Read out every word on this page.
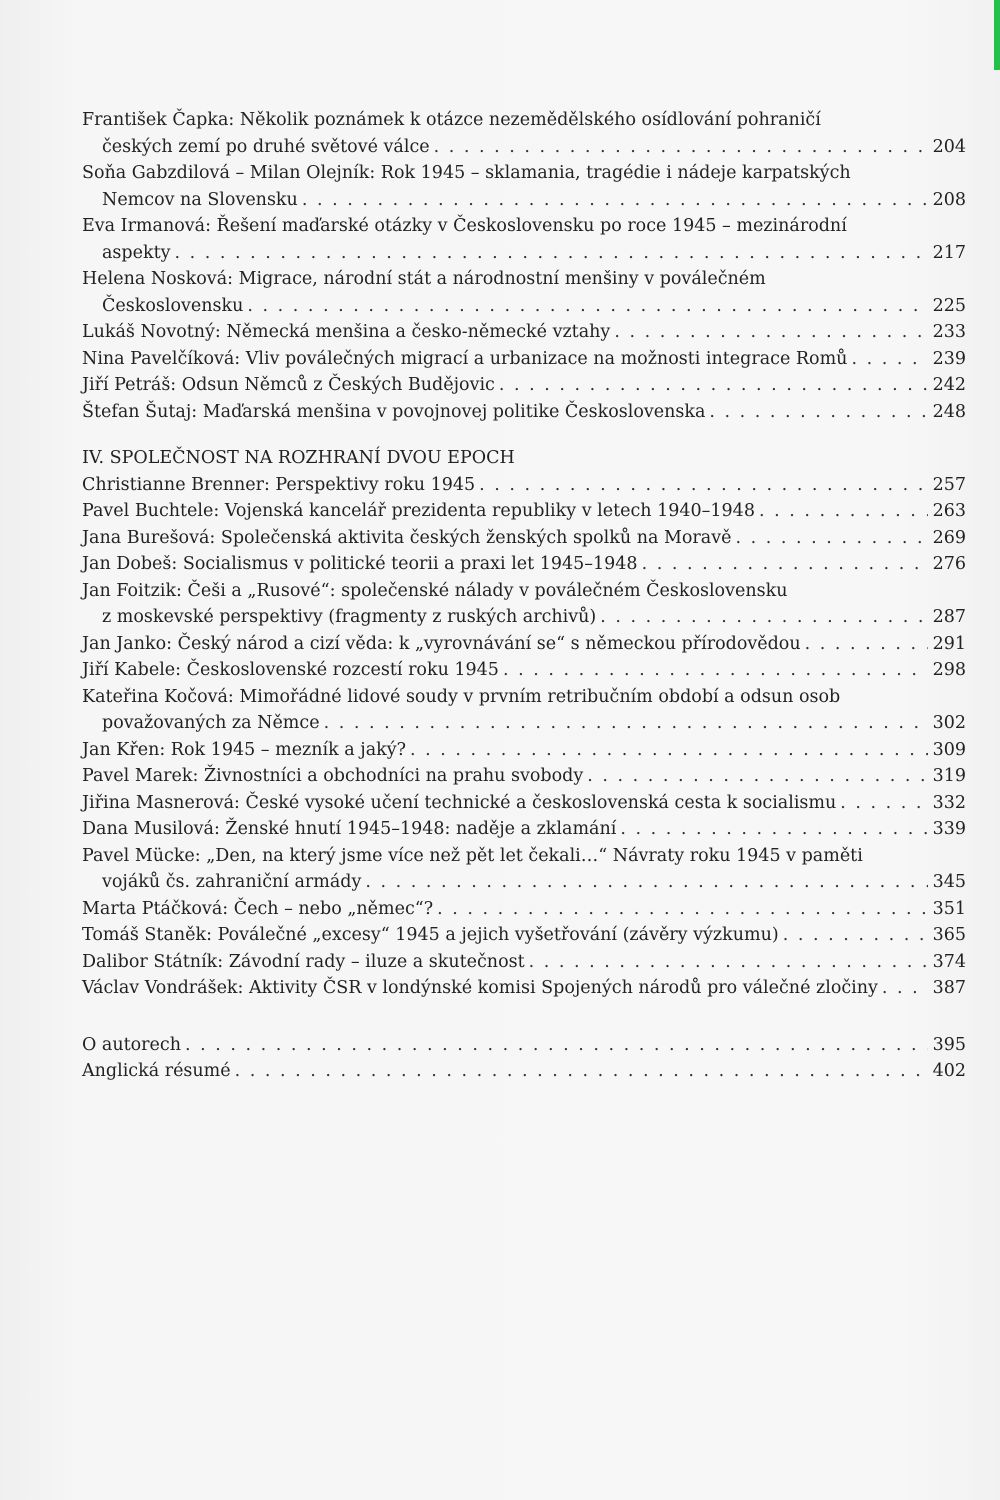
František Čapka: Několik poznámek k otázce nezemědělského osídlování pohraničí
českých zemí po druhé světové válce . . .	204
Soňa Gabzdilová – Milan Olejník: Rok 1945 – sklamania, tragédie i nádeje karpatských
Nemcov na Slovensku . . .	208
Eva Irmanová: Řešení maďarské otázky v Československu po roce 1945 – mezinárodní
aspekty . . .	217
Helena Nosková: Migrace, národní stát a národnostní menšiny v poválečném
Československu . . .	225
Lukáš Novotný: Německá menšina a česko-německé vztahy . . .	233
Nina Pavelčíková: Vliv poválečných migrací a urbanizace na možnosti integrace Romů . . .	239
Jiří Petráš: Odsun Němců z Českých Budějovic . . .	242
Štefan Šutaj: Maďarská menšina v povojnovej politike Československa . . .	248
IV. SPOLEČNOST NA ROZHRANÍ DVOU EPOCH
Christianne Brenner: Perspektivy roku 1945 . . .	257
Pavel Buchtele: Vojenská kancelář prezidenta republiky v letech 1940–1948 . . .	263
Jana Burešová: Společenská aktivita českých ženských spolků na Moravě . . .	269
Jan Dobeš: Socialismus v politické teorii a praxi let 1945–1948 . . .	276
Jan Foitzik: Češi a „Rusové“: společenské nálady v poválečném Československu
z moskevské perspektivy (fragmenty z ruských archivů) . . .	287
Jan Janko: Český národ a cizí věda: k „vyrovnávání se“ s německou přírodovědou . . .	291
Jiří Kabele: Československé rozcestí roku 1945 . . .	298
Kateřina Kočová: Mimořádné lidové soudy v prvním retribučním období a odsun osob
považovaných za Němce . . .	302
Jan Křen: Rok 1945 – mezník a jaký? . . .	309
Pavel Marek: Živnostníci a obchodníci na prahu svobody . . .	319
Jiřina Masnerová: České vysoké učení technické a československá cesta k socialismu . . .	332
Dana Musilová: Ženské hnutí 1945–1948: naděje a zklamání . . .	339
Pavel Mücke: „Den, na který jsme více než pět let čekali…“ Návraty roku 1945 v paměti
vojáků čs. zahraniční armády . . .	345
Marta Ptáčková: Čech – nebo „němec“? . . .	351
Tomáš Staněk: Poválečné „excesy“ 1945 a jejich vyšetřování (závěry výzkumu) . . .	365
Dalibor Státník: Závodní rady – iluze a skutečnost . . .	374
Václav Vondrášek: Aktivity ČSR v londýnské komisi Spojených národů pro válečné zločiny . . .	387
O autorech . . .	395
Anglická résumé . . .	402
